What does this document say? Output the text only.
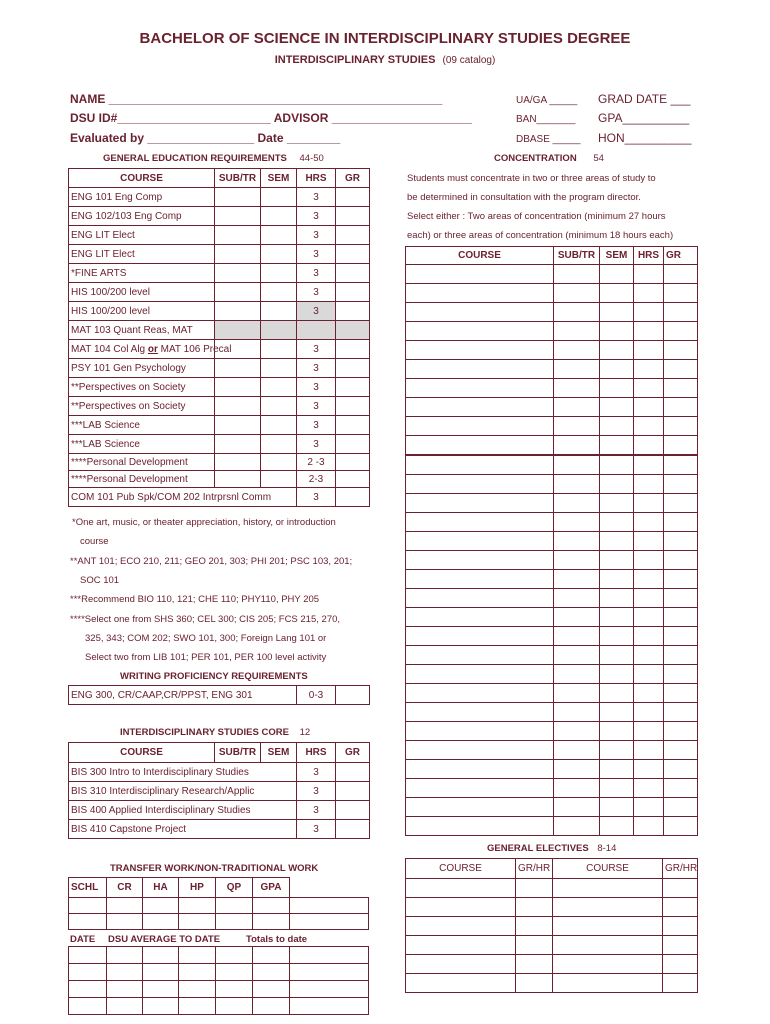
BACHELOR OF SCIENCE IN INTERDISCIPLINARY STUDIES DEGREE
INTERDISCIPLINARY STUDIES (09 catalog)
NAME __________________________________________________
DSU ID#_______________________ ADVISOR _____________________
Evaluated by ________________ Date ________
UA/GA _____
BAN_______
DBASE _____
GRAD DATE ___
GPA__________
HON__________
GENERAL EDUCATION REQUIREMENTS 44-50
COURSE	SUB/TR	SEM	HRS	GR
ENG 101 Eng Comp			3	
ENG 102/103 Eng Comp			3	
ENG LIT Elect			3	
ENG LIT Elect			3	
*FINE ARTS			3	
HIS 100/200 level			3	
HIS 100/200 level			3	
MAT 103 Quant Reas, MAT				
MAT 104 Col Alg or MAT 106 Precal			3	
PSY 101 Gen Psychology			3	
**Perspectives on Society			3	
**Perspectives on Society			3	
***LAB Science			3	
***LAB Science			3	
****Personal Development			2 -3	
****Personal Development			2-3	
COM 101 Pub Spk/COM 202 Intrprsnl Comm			3	
*One art, music, or theater appreciation, history, or introduction
course
**ANT 101; ECO 210, 211; GEO 201, 303; PHI 201; PSC 103, 201;
SOC 101
***Recommend BIO 110, 121; CHE 110; PHY110, PHY 205
****Select one from SHS 360; CEL 300; CIS 205; FCS 215, 270,
325, 343; COM 202; SWO 101, 300; Foreign Lang 101 or
Select two from LIB 101; PER 101, PER 100 level activity
WRITING PROFICIENCY REQUIREMENTS
ENG 300, CR/CAAP,CR/PPST, ENG 301	0-3	
INTERDISCIPLINARY STUDIES CORE 12
COURSE	SUB/TR	SEM	HRS	GR
BIS 300 Intro to Interdisciplinary Studies			3	
BIS 310 Interdisciplinary Research/Applic			3	
BIS 400 Applied Interdisciplinary Studies			3	
BIS 410 Capstone Project			3	
TRANSFER WORK/NON-TRADITIONAL WORK
SCHL	CR	HA	HP	QP	GPA	

DATE DSU AVERAGE TO DATE	Totals to date

CONCENTRATION 54
Students must concentrate in two or three areas of study to
be determined in consultation with the program director.
Select either : Two areas of concentration (minimum 27 hours
each) or three areas of concentration (minimum 18 hours each)
COURSE	SUB/TR	SEM	HRS	GR

GENERAL ELECTIVES 8-14
COURSE	GR/HR	COURSE	GR/HR
